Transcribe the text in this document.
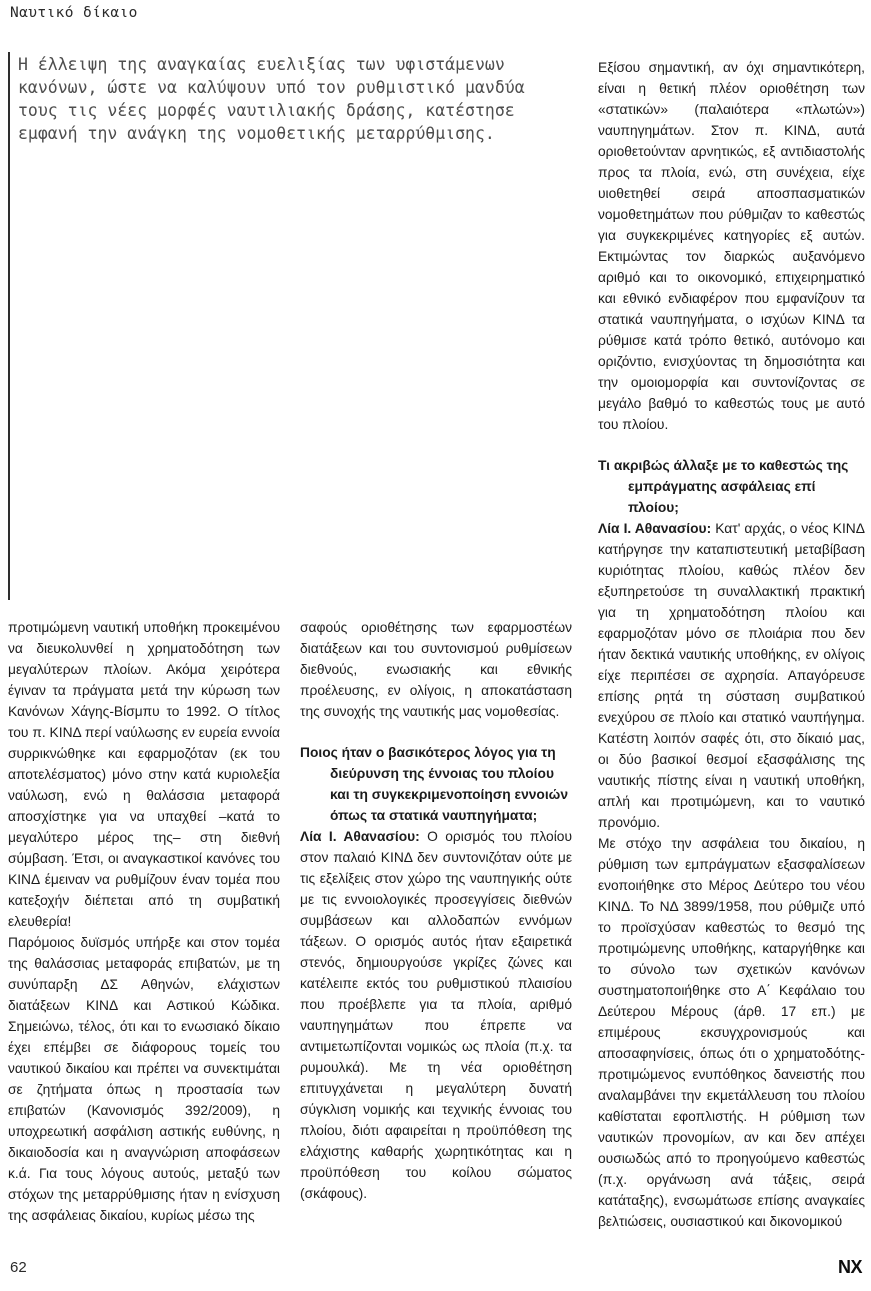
Ναυτικό δίκαιο
Η έλλειψη της αναγκαίας ευελιξίας των υφιστάμενων κανόνων, ώστε να καλύψουν υπό τον ρυθμιστικό μανδύα τους τις νέες μορφές ναυτιλιακής δράσης, κατέστησε εμφανή την ανάγκη της νομοθετικής μεταρρύθμισης.

προτιμώμενη ναυτική υποθήκη προκειμένου να διευκολυνθεί η χρηματοδότηση των μεγαλύτερων πλοίων. Ακόμα χειρότερα έγιναν τα πράγματα μετά την κύρωση των Κανόνων Χάγης-Βίσμπυ το 1992. Ο τίτλος του π. ΚΙΝΔ περί ναύλωσης εν ευρεία εννοία συρρικνώθηκε και εφαρμοζόταν (εκ του αποτελέσματος) μόνο στην κατά κυριολεξία ναύλωση, ενώ η θαλάσσια μεταφορά αποσχίστηκε για να υπαχθεί –κατά το μεγαλύτερο μέρος της– στη διεθνή σύμβαση. Έτσι, οι αναγκαστικοί κανόνες του ΚΙΝΔ έμειναν να ρυθμίζουν έναν τομέα που κατεξοχήν διέπεται από τη συμβατική ελευθερία!

Παρόμοιος δυϊσμός υπήρξε και στον τομέα της θαλάσσιας μεταφοράς επιβατών, με τη συνύπαρξη ΔΣ Αθηνών, ελάχιστων διατάξεων ΚΙΝΔ και Αστικού Κώδικα. Σημειώνω, τέλος, ότι και το ενωσιακό δίκαιο έχει επέμβει σε διάφορους τομείς του ναυτικού δικαίου και πρέπει να συνεκτιμάται σε ζητήματα όπως η προστασία των επιβατών (Κανονισμός 392/2009), η υποχρεωτική ασφάλιση αστικής ευθύνης, η δικαιοδοσία και η αναγνώριση αποφάσεων κ.ά. Για τους λόγους αυτούς, μεταξύ των στόχων της μεταρρύθμισης ήταν η ενίσχυση της ασφάλειας δικαίου, κυρίως μέσω της

σαφούς οριοθέτησης των εφαρμοστέων διατάξεων και του συντονισμού ρυθμίσεων διεθνούς, ενωσιακής και εθνικής προέλευσης, εν ολίγοις, η αποκατάσταση της συνοχής της ναυτικής μας νομοθεσίας.

Ποιος ήταν ο βασικότερος λόγος για τη διεύρυνση της έννοιας του πλοίου και τη συγκεκριμενοποίηση εννοιών όπως τα στατικά ναυπηγήματα;

Λία Ι. Αθανασίου: Ο ορισμός του πλοίου στον παλαιό ΚΙΝΔ δεν συντονιζόταν ούτε με τις εξελίξεις στον χώρο της ναυπηγικής ούτε με τις εννοιολογικές προσεγγίσεις διεθνών συμβάσεων και αλλοδαπών εννόμων τάξεων. Ο ορισμός αυτός ήταν εξαιρετικά στενός, δημιουργούσε γκρίζες ζώνες και κατέλειπε εκτός του ρυθμιστικού πλαισίου που προέβλεπε για τα πλοία, αριθμό ναυπηγημάτων που έπρεπε να αντιμετωπίζονται νομικώς ως πλοία (π.χ. τα ρυμουλκά). Με τη νέα οριοθέτηση επιτυγχάνεται η μεγαλύτερη δυνατή σύγκλιση νομικής και τεχνικής έννοιας του πλοίου, διότι αφαιρείται η προϋπόθεση της ελάχιστης καθαρής χωρητικότητας και η προϋπόθεση του κοίλου σώματος (σκάφους).

Εξίσου σημαντική, αν όχι σημαντικότερη, είναι η θετική πλέον οριοθέτηση των «στατικών» (παλαιότερα «πλωτών») ναυπηγημάτων. Στον π. ΚΙΝΔ, αυτά οριοθετούνταν αρνητικώς, εξ αντιδιαστολής προς τα πλοία, ενώ, στη συνέχεια, είχε υιοθετηθεί σειρά αποσπασματικών νομοθετημάτων που ρύθμιζαν το καθεστώς για συγκεκριμένες κατηγορίες εξ αυτών. Εκτιμώντας τον διαρκώς αυξανόμενο αριθμό και το οικονομικό, επιχειρηματικό και εθνικό ενδιαφέρον που εμφανίζουν τα στατικά ναυπηγήματα, ο ισχύων ΚΙΝΔ τα ρύθμισε κατά τρόπο θετικό, αυτόνομο και οριζόντιο, ενισχύοντας τη δημοσιότητα και την ομοιομορφία και συντονίζοντας σε μεγάλο βαθμό το καθεστώς τους με αυτό του πλοίου.

Τι ακριβώς άλλαξε με το καθεστώς της εμπράγματης ασφάλειας επί πλοίου;

Λία Ι. Αθανασίου: Κατ' αρχάς, ο νέος ΚΙΝΔ κατήργησε την καταπιστευτική μεταβίβαση κυριότητας πλοίου, καθώς πλέον δεν εξυπηρετούσε τη συναλλακτική πρακτική για τη χρηματοδότηση πλοίου και εφαρμοζόταν μόνο σε πλοιάρια που δεν ήταν δεκτικά ναυτικής υποθήκης, εν ολίγοις είχε περιπέσει σε αχρησία. Απαγόρευσε επίσης ρητά τη σύσταση συμβατικού ενεχύρου σε πλοίο και στατικό ναυπήγημα. Κατέστη λοιπόν σαφές ότι, στο δίκαιό μας, οι δύο βασικοί θεσμοί εξασφάλισης της ναυτικής πίστης είναι η ναυτική υποθήκη, απλή και προτιμώμενη, και το ναυτικό προνόμιο.

Με στόχο την ασφάλεια του δικαίου, η ρύθμιση των εμπράγματων εξασφαλίσεων ενοποιήθηκε στο Μέρος Δεύτερο του νέου ΚΙΝΔ. Το ΝΔ 3899/1958, που ρύθμιζε υπό το προϊσχύσαν καθεστώς το θεσμό της προτιμώμενης υποθήκης, καταργήθηκε και το σύνολο των σχετικών κανόνων συστηματοποιήθηκε στο Α΄ Κεφάλαιο του Δεύτερου Μέρους (άρθ. 17 επ.) με επιμέρους εκσυγχρονισμούς και αποσαφηνίσεις, όπως ότι ο χρηματοδότης-προτιμώμενος ενυπόθηκος δανειστής που αναλαμβάνει την εκμετάλλευση του πλοίου καθίσταται εφοπλιστής. Η ρύθμιση των ναυτικών προνομίων, αν και δεν απέχει ουσιωδώς από το προηγούμενο καθεστώς (π.χ. οργάνωση ανά τάξεις, σειρά κατάταξης), ενσωμάτωσε επίσης αναγκαίες βελτιώσεις, ουσιαστικού και δικονομικού

62	NX
